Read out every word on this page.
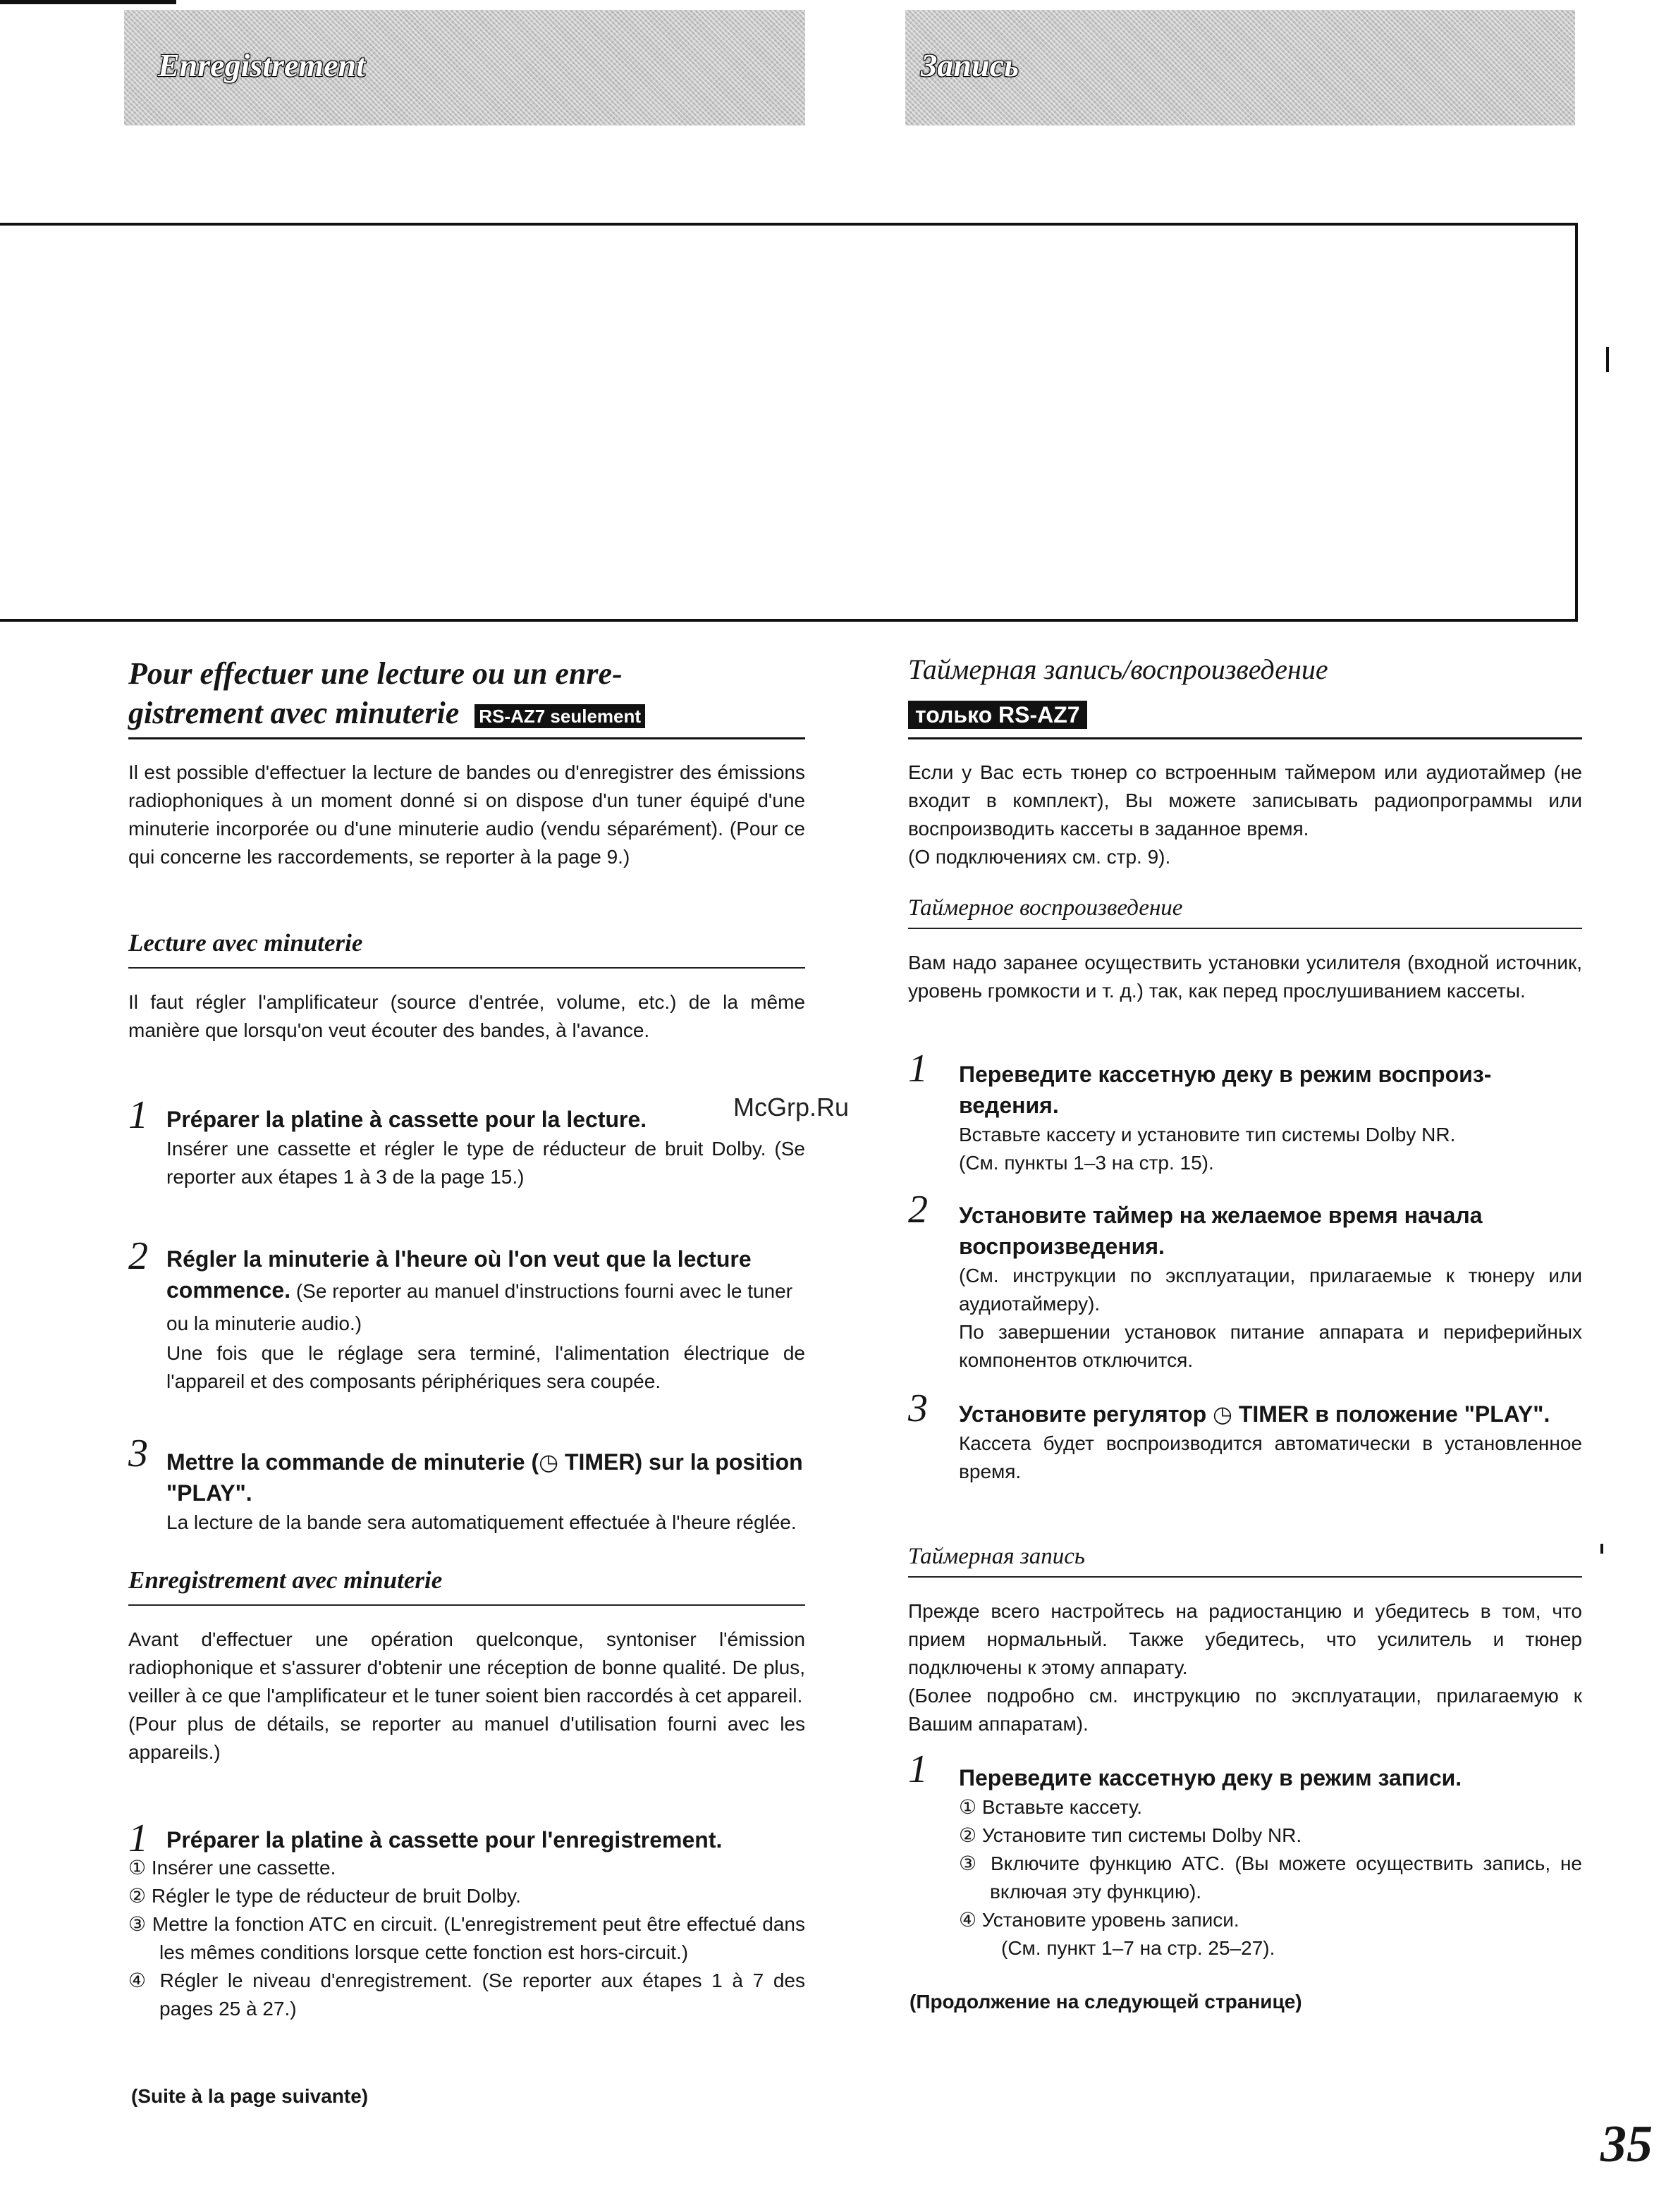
Enregistrement	Запись

Pour effectuer une lecture ou un enre-

gistrement avec minuterie RS-AZ7 seulement

Il est possible d'effectuer la lecture de bandes ou d'enregistrer des émissions radiophoniques à un moment donné si on dispose d'un tuner équipé d'une minuterie incorporée ou d'une minuterie audio (vendu séparément). (Pour ce qui concerne les raccordements, se reporter à la page 9.)

Lecture avec minuterie

Il faut régler l'amplificateur (source d'entrée, volume, etc.) de la même manière que lorsqu'on veut écouter des bandes, à l'avance.

1 Préparer la platine à cassette pour la lecture.

Insérer une cassette et régler le type de réducteur de bruit Dolby. (Se reporter aux étapes 1 à 3 de la page 15.)

2 Régler la minuterie à l'heure où l'on veut que la lecture commence. (Se reporter au manuel d'instructions fourni avec le tuner ou la minuterie audio.)

Une fois que le réglage sera terminé, l'alimentation électrique de l'appareil et des composants périphériques sera coupée.

3 Mettre la commande de minuterie (◷ TIMER) sur la position "PLAY".

La lecture de la bande sera automatiquement effectuée à l'heure réglée.

Enregistrement avec minuterie

Avant d'effectuer une opération quelconque, syntoniser l'émission radiophonique et s'assurer d'obtenir une réception de bonne qualité. De plus, veiller à ce que l'amplificateur et le tuner soient bien raccordés à cet appareil.

(Pour plus de détails, se reporter au manuel d'utilisation fourni avec les appareils.)

1 Préparer la platine à cassette pour l'enregistrement.

① Insérer une cassette.

② Régler le type de réducteur de bruit Dolby.

③ Mettre la fonction ATC en circuit. (L'enregistrement peut être effectué dans les mêmes conditions lorsque cette fonction est hors-circuit.)

④ Régler le niveau d'enregistrement. (Se reporter aux étapes 1 à 7 des pages 25 à 27.)

(Suite à la page suivante)

Таймерная запись/воспроизведение

только RS-AZ7

Если у Вас есть тюнер со встроенным таймером или аудиотаймер (не входит в комплект), Вы можете записывать радиопрограммы или воспроизводить кассеты в заданное время.

(О подключениях см. стр. 9).

Таймерное воспроизведение

Вам надо заранее осуществить установки усилителя (входной источник, уровень громкости и т. д.) так, как перед прослушиванием кассеты.

1	Переведите кассетную деку в режим воспроизведения.

Вставьте кассету и установите тип системы Dolby NR.

(См. пункты 1–3 на стр. 15).

2	Установите таймер на желаемое время начала воспроизведения.

(См. инструкции по эксплуатации, прилагаемые к тюнеру или аудиотаймеру).

По завершении установок питание аппарата и периферийных компонентов отключится.

3	Установите регулятор ◷ TIMER в положение "PLAY".

Кассета будет воспроизводится автоматически в установленное время.

Таймерная запись

Прежде всего настройтесь на радиостанцию и убедитесь в том, что прием нормальный. Также убедитесь, что усилитель и тюнер подключены к этому аппарату.

(Более подробно см. инструкцию по эксплуатации, прилагаемую к Вашим аппаратам).

1	Переведите кассетную деку в режим записи.

① Вставьте кассету.

② Установите тип системы Dolby NR.

③ Включите функцию АТС. (Вы можете осуществить запись, не включая эту функцию).

④ Установите уровень записи.

(См. пункт 1–7 на стр. 25–27).

(Продолжение на следующей странице)

McGrp.Ru
35
